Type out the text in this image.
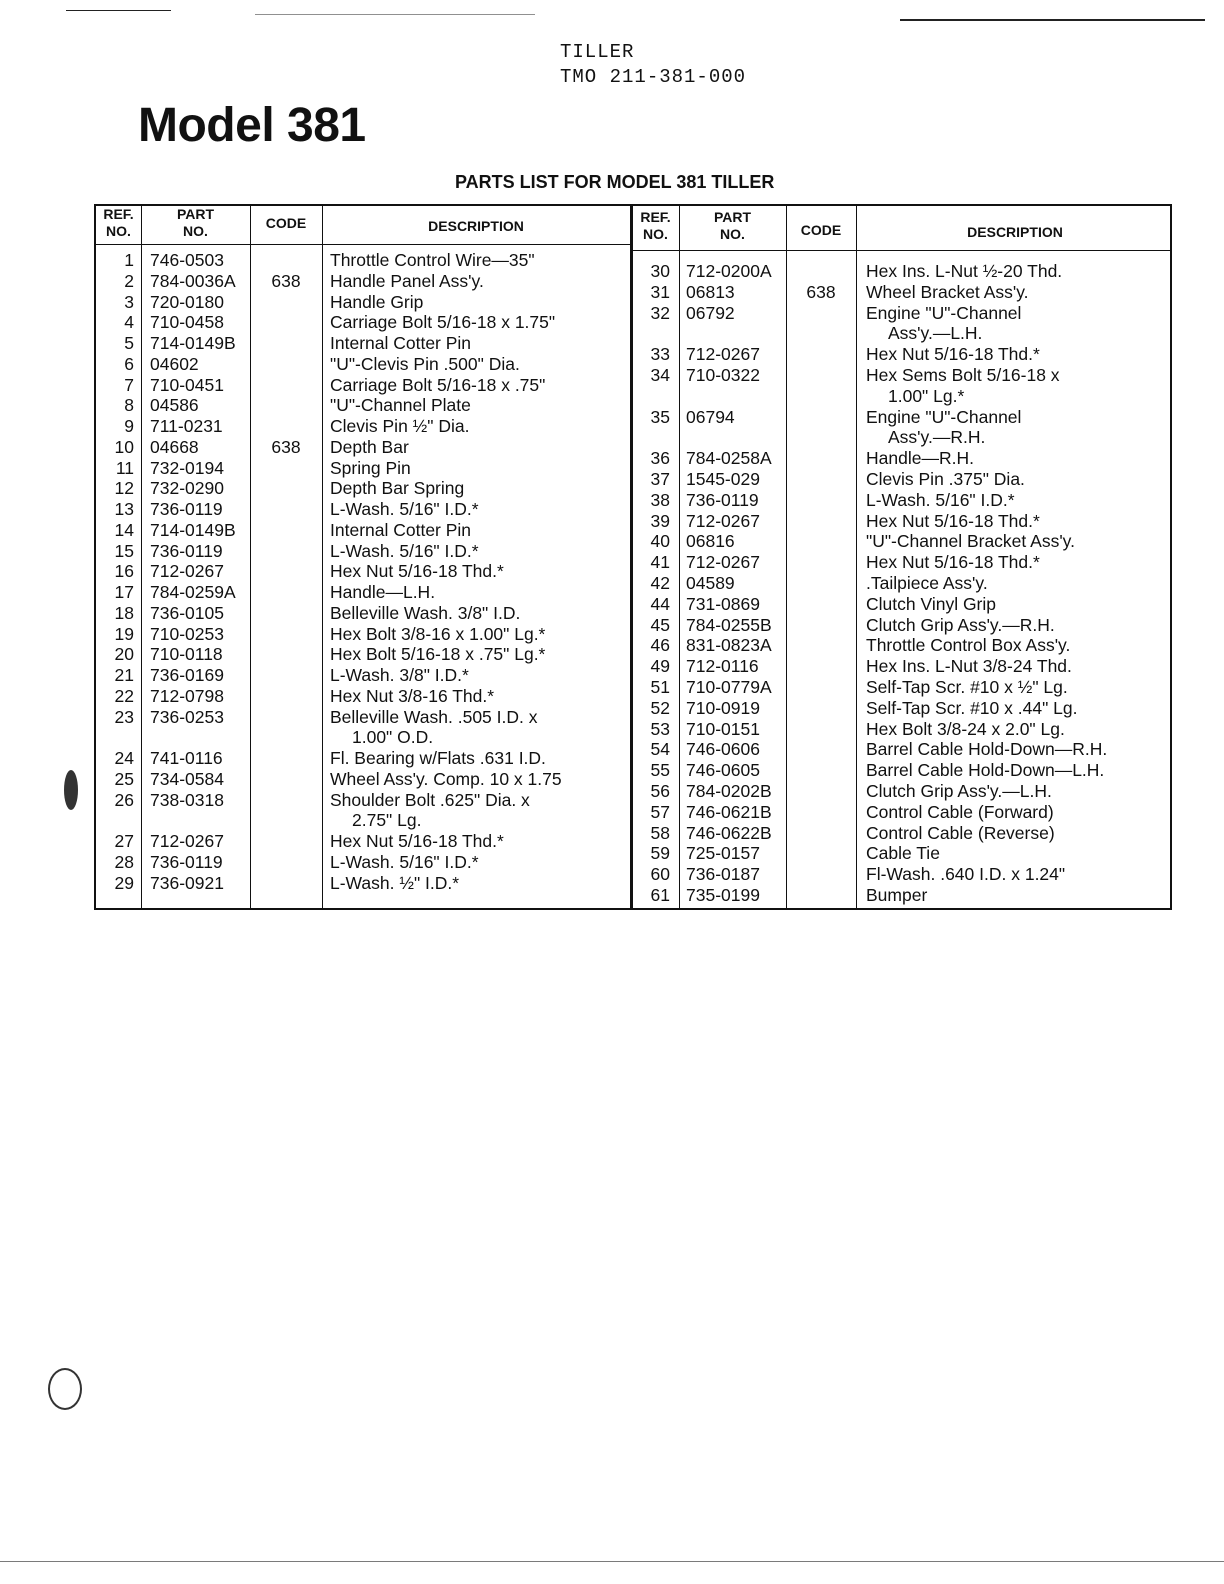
TILLER
TMO 211-381-000
Model 381
PARTS LIST FOR MODEL 381 TILLER
REF.
NO.
PART
NO.	CODE	DESCRIPTION
REF.
NO.
PART
NO.	CODE	DESCRIPTION
1 746-0503	Throttle Control Wire—35"
2 784-0036A	638	Handle Panel Ass'y.
3 720-0180	Handle Grip
4 710-0458	Carriage Bolt 5/16-18 x 1.75"
5 714-0149B	Internal Cotter Pin
6 04602	"U"-Clevis Pin .500" Dia.
7 710-0451	Carriage Bolt 5/16-18 x .75"
8 04586	"U"-Channel Plate
9 711-0231	Clevis Pin ½" Dia.
10 04668	638	Depth Bar
11 732-0194	Spring Pin
12 732-0290	Depth Bar Spring
13 736-0119	L-Wash. 5/16" I.D.*
14 714-0149B	Internal Cotter Pin
15 736-0119	L-Wash. 5/16" I.D.*
16 712-0267	Hex Nut 5/16-18 Thd.*
17 784-0259A	Handle—L.H.
18 736-0105	Belleville Wash. 3/8" I.D.
19 710-0253	Hex Bolt 3/8-16 x 1.00" Lg.*
20 710-0118	Hex Bolt 5/16-18 x .75" Lg.*
21 736-0169	L-Wash. 3/8" I.D.*
22 712-0798	Hex Nut 3/8-16 Thd.*
23 736-0253	Belleville Wash. .505 I.D. x
1.00" O.D.
24 741-0116	Fl. Bearing w/Flats .631 I.D.
25 734-0584	Wheel Ass'y. Comp. 10 x 1.75
26 738-0318	Shoulder Bolt .625" Dia. x
2.75" Lg.
27 712-0267	Hex Nut 5/16-18 Thd.*
28 736-0119	L-Wash. 5/16" I.D.*
29 736-0921	L-Wash. ½" I.D.*
30 712-0200A	Hex Ins. L-Nut ½-20 Thd.
31 06813	638	Wheel Bracket Ass'y.
32 06792	Engine "U"-Channel
Ass'y.—L.H.
33 712-0267	Hex Nut 5/16-18 Thd.*
34 710-0322	Hex Sems Bolt 5/16-18 x
1.00" Lg.*
35 06794	Engine "U"-Channel
Ass'y.—R.H.
36 784-0258A	Handle—R.H.
37 1545-029	Clevis Pin .375" Dia.
38 736-0119	L-Wash. 5/16" I.D.*
39 712-0267	Hex Nut 5/16-18 Thd.*
40 06816	"U"-Channel Bracket Ass'y.
41 712-0267	Hex Nut 5/16-18 Thd.*
42 04589	.Tailpiece Ass'y.
44 731-0869	Clutch Vinyl Grip
45 784-0255B	Clutch Grip Ass'y.—R.H.
46 831-0823A	Throttle Control Box Ass'y.
49 712-0116	Hex Ins. L-Nut 3/8-24 Thd.
51 710-0779A	Self-Tap Scr. #10 x ½" Lg.
52 710-0919	Self-Tap Scr. #10 x .44" Lg.
53 710-0151	Hex Bolt 3/8-24 x 2.0" Lg.
54 746-0606	Barrel Cable Hold-Down—R.H.
55 746-0605	Barrel Cable Hold-Down—L.H.
56 784-0202B	Clutch Grip Ass'y.—L.H.
57 746-0621B	Control Cable (Forward)
58 746-0622B	Control Cable (Reverse)
59 725-0157	Cable Tie
60 736-0187	Fl-Wash. .640 I.D. x 1.24"
61 735-0199	Bumper
